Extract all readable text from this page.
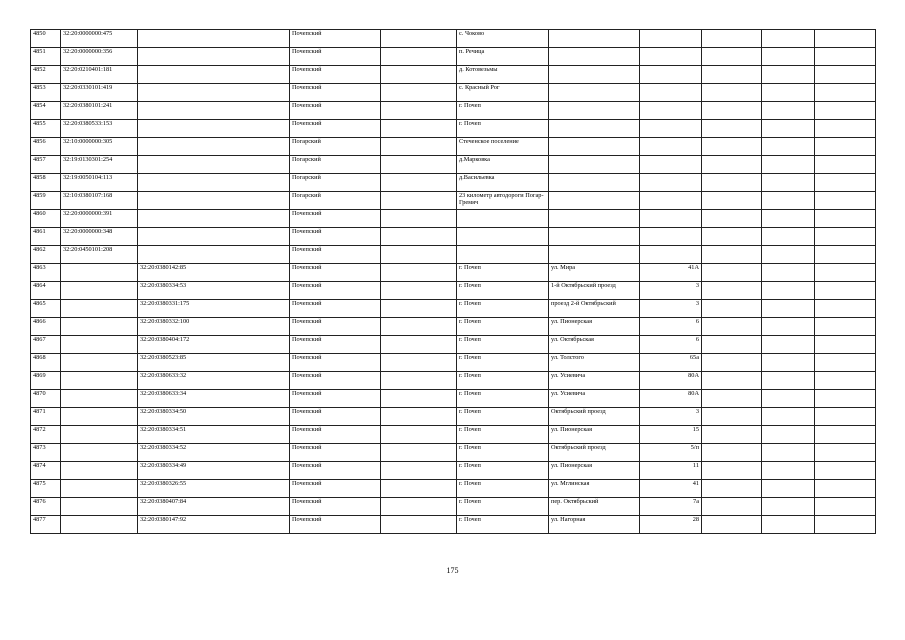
4850	32:20:0000000:475		Почепский		с. Чоково						
4851	32:20:0000000:356		Почепский		п. Речица						
4852	32:20:0210401:181		Почепский		д. Котовезьмы						
4853	32:20:0330101:419		Почепский		с. Красный Рог						
4854	32:20:0380101:241		Почепский		г. Почеп						
4855	32:20:0380533:153		Почепский		г. Почеп						
4856	32:10:0000000:305		Погарский		Стеченское поселение						
4857	32:19:0130301:254		Погарский		д.Марковка						
4858	32:19:0050104:113		Погарский		д.Васильевка						
4859	32:10:0380107:168		Погарский		23 километр автодороги Погар-Гремяч						
4860	32:20:0000000:391		Почепский								
4861	32:20:0000000:348		Почепский								
4862	32:20:0450101:208		Почепский								
4863		32:20:0380142:85	Почепский		г. Почеп	ул. Мира	41А				
4864		32:20:0380334:53	Почепский		г. Почеп	1-й Октябрьский проезд	3				
4865		32:20:0380331:175	Почепский		г. Почеп	проезд 2-й Октябрьский	3				
4866		32:20:0380332:100	Почепский		г. Почеп	ул. Пионерская	6				
4867		32:20:0380404:172	Почепский		г. Почеп	ул. Октябрьская	6				
4868		32:20:0380523:85	Почепский		г. Почеп	ул. Толстого	65а				
4869		32:20:0380633:32	Почепский		г. Почеп	ул. Усиевича	80А				
4870		32:20:0380633:34	Почепский		г. Почеп	ул. Усиевича	80А				
4871		32:20:0380334:50	Почепский		г. Почеп	Октябрьский проезд	3				
4872		32:20:0380334:51	Почепский		г. Почеп	ул. Пионерская	15				
4873		32:20:0380334:52	Почепский		г. Почеп	Октябрьский проезд	5/п				
4874		32:20:0380334:49	Почепский		г. Почеп	ул. Пионерская	11				
4875		32:20:0380326:55	Почепский		г. Почеп	ул. Мглинская	41				
4876		32:20:0380407:84	Почепский		г. Почеп	пер. Октябрьский	7а				
4877		32:20:0380147:92	Почепский		г. Почеп	ул. Нагорная	28				
175
